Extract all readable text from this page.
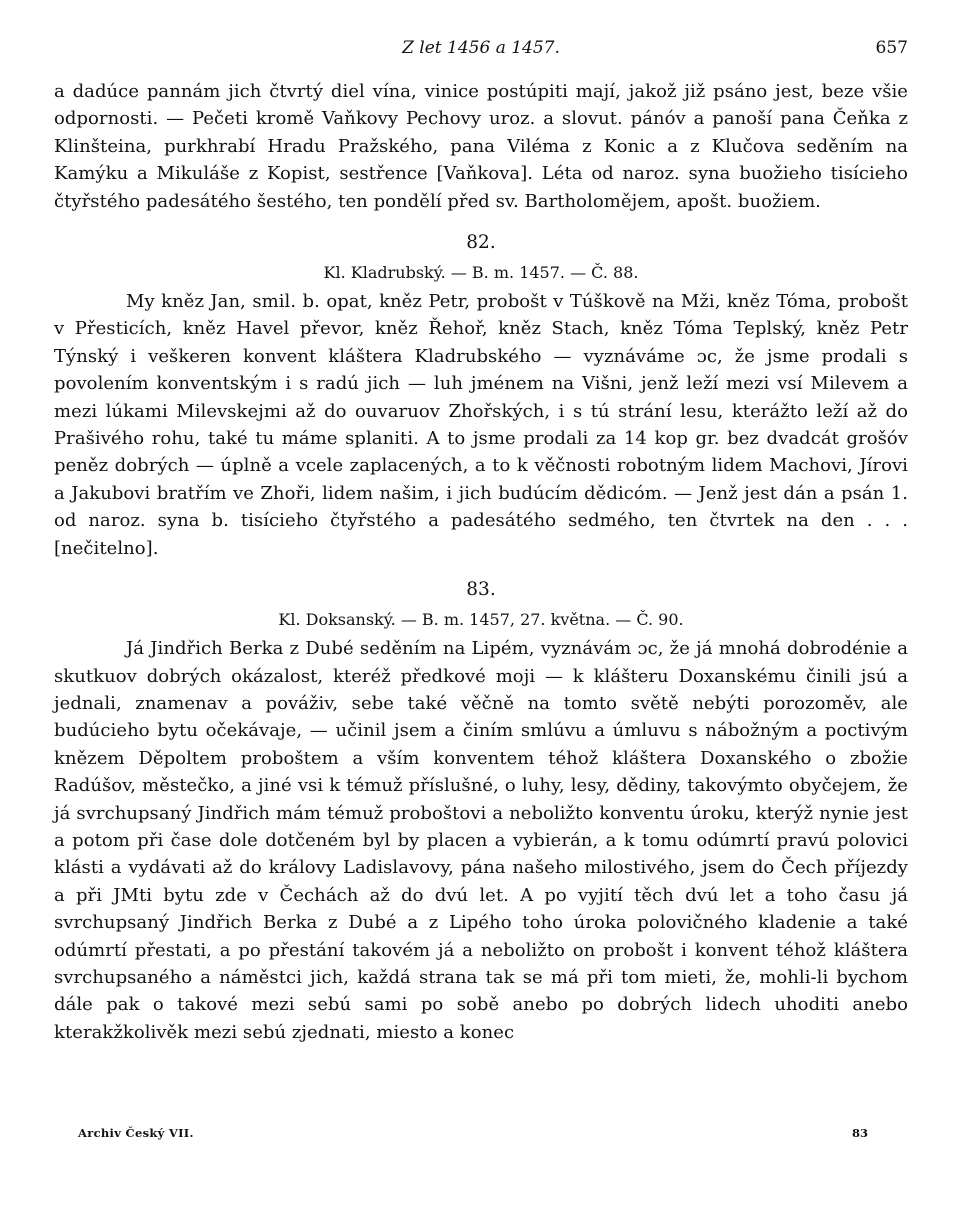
Z let 1456 a 1457.	657

a dadúce pannám jich čtvrtý diel vína, vinice postúpiti mají, jakož již psáno jest, beze všie odpornosti. — Pečeti kromě Vaňkovy Pechovy uroz. a slovut. pánóv a panoší pana Čeňka z Klinšteina, purkhrabí Hradu Pražského, pana Viléma z Konic a z Klučova seděním na Kamýku a Mikuláše z Kopist, sestřence [Vaňkova]. Léta od naroz. syna buožieho tisícieho čtyřstého padesátého šestého, ten pondělí před sv. Bartholomějem, apošt. buožiem.

82.
Kl. Kladrubský. — B. m. 1457. — Č. 88.

My kněz Jan, smil. b. opat, kněz Petr, probošt v Túškově na Mži, kněz Tóma, probošt v Přesticích, kněz Havel převor, kněz Řehoř, kněz Stach, kněz Tóma Teplský, kněz Petr Týnský i veškeren konvent kláštera Kladrubského — vyznáváme ɔc, že jsme prodali s povolením konventským i s radú jich — luh jménem na Višni, jenž leží mezi vsí Milevem a mezi lúkami Milevskejmi až do ouvaruov Zhořských, i s tú strání lesu, kterážto leží až do Prašivého rohu, také tu máme splaniti. A to jsme prodali za 14 kop gr. bez dvadcát grošóv peněz dobrých — úplně a vcele zaplacených, a to k věčnosti robotným lidem Machovi, Jírovi a Jakubovi bratřím ve Zhoři, lidem našim, i jich budúcím dědicóm. — Jenž jest dán a psán 1. od naroz. syna b. tisícieho čtyřstého a padesátého sedmého, ten čtvrtek na den . . . [nečitelno].

83.
Kl. Doksanský. — B. m. 1457, 27. května. — Č. 90.

Já Jindřich Berka z Dubé seděním na Lipém, vyznávám ɔc, že já mnohá dobrodénie a skutkuov dobrých okázalost, kteréž předkové moji — k klášteru Doxanskému činili jsú a jednali, znamenav a pováživ, sebe také věčně na tomto světě nebýti porozoměv, ale budúcieho bytu očekávaje, — učinil jsem a činím smlúvu a úmluvu s nábožným a poctivým knězem Děpoltem proboštem a vším konventem téhož kláštera Doxanského o zbožie Radúšov, městečko, a jiné vsi k témuž příslušné, o luhy, lesy, dědiny, takovýmto obyčejem, že já svrchupsaný Jindřich mám témuž proboštovi a neboližto konventu úroku, kterýž nynie jest a potom při čase dole dotčeném byl by placen a vybierán, a k tomu odúmrtí pravú polovici klásti a vydávati až do královy Ladislavovy, pána našeho milostivého, jsem do Čech příjezdy a při JMti bytu zde v Čechách až do dvú let. A po vyjití těch dvú let a toho času já svrchupsaný Jindřich Berka z Dubé a z Lipého toho úroka polovičného kladenie a také odúmrtí přestati, a po přestání takovém já a neboližto on probošt i konvent téhož kláštera svrchupsaného a náměstci jich, každá strana tak se má při tom mieti, že, mohli-li bychom dále pak o takové mezi sebú sami po sobě anebo po dobrých lidech uhoditi anebo kterakžkolivěk mezi sebú zjednati, miesto a konec

Archiv Český VII.	83
